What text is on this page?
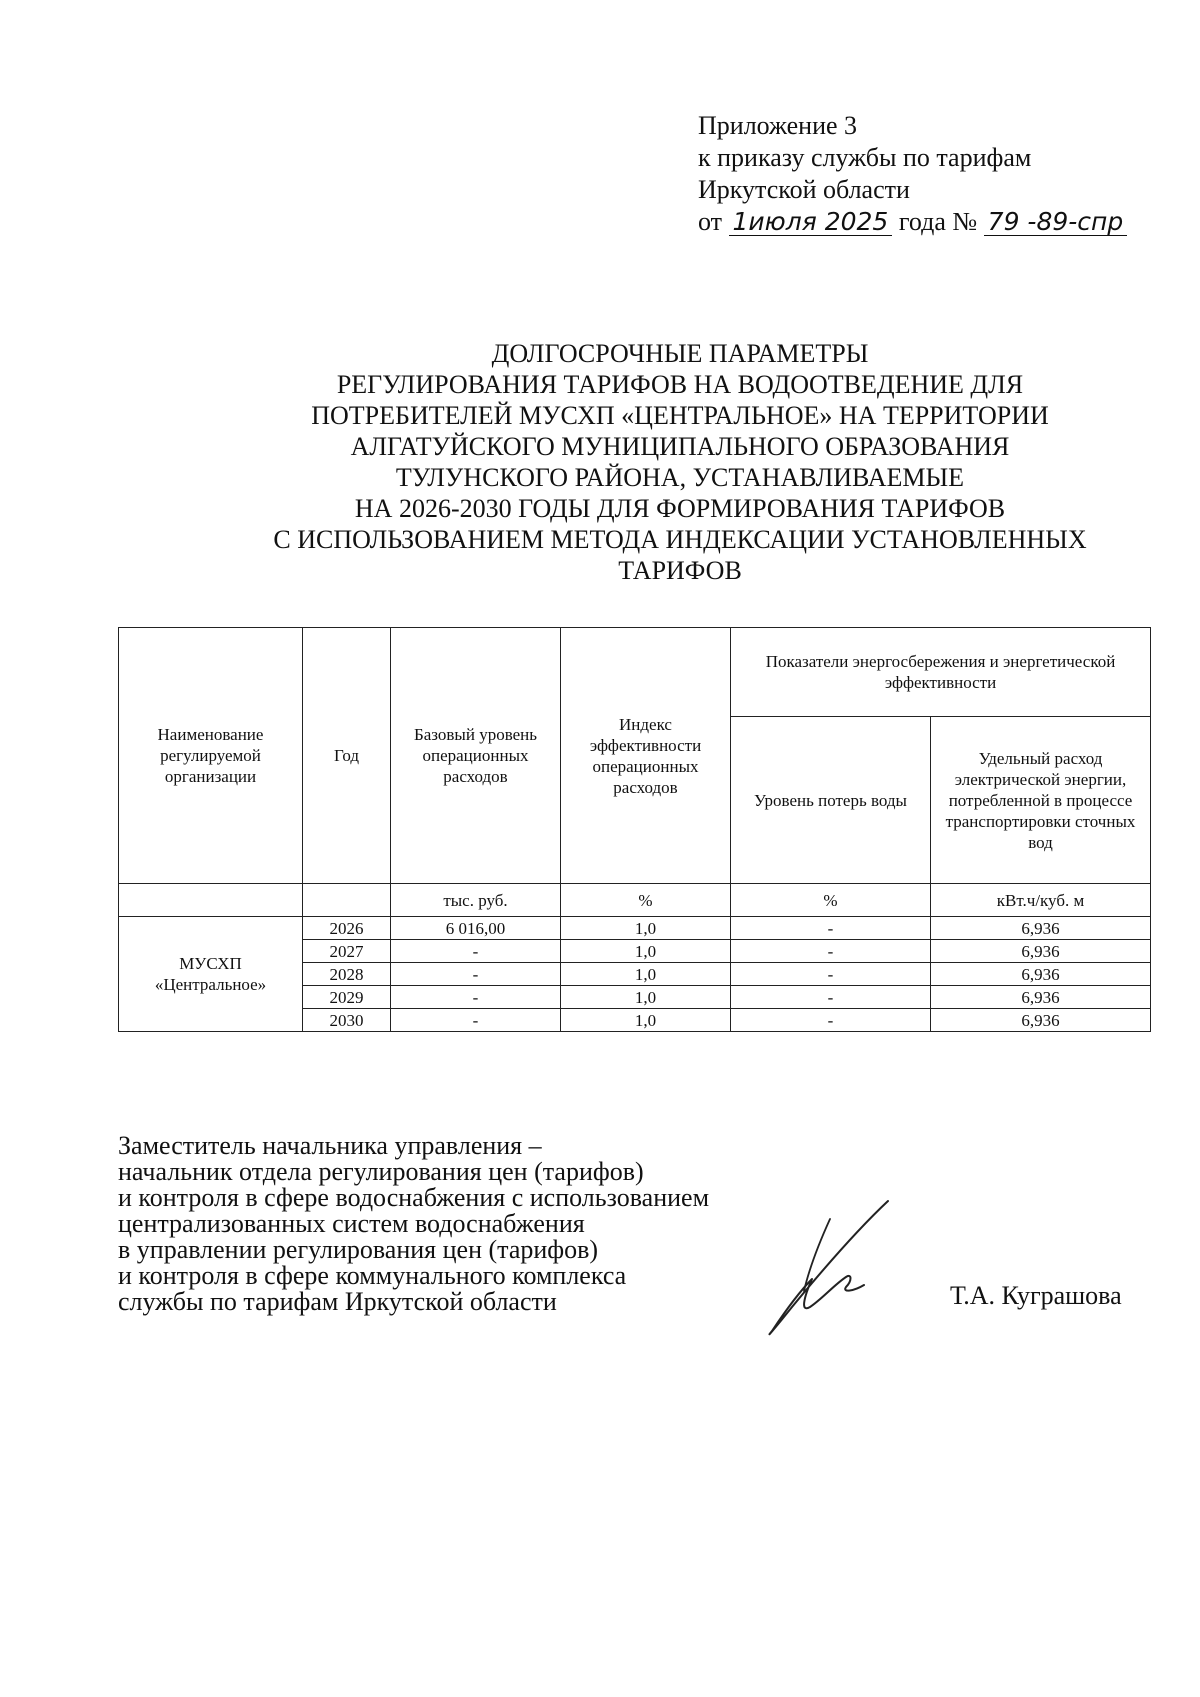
Приложение 3
к приказу службы по тарифам
Иркутской области
от 1июля 2025 года № 79 -89-спр
ДОЛГОСРОЧНЫЕ ПАРАМЕТРЫ
РЕГУЛИРОВАНИЯ ТАРИФОВ НА ВОДООТВЕДЕНИЕ ДЛЯ
ПОТРЕБИТЕЛЕЙ МУСХП «ЦЕНТРАЛЬНОЕ» НА ТЕРРИТОРИИ
АЛГАТУЙСКОГО МУНИЦИПАЛЬНОГО ОБРАЗОВАНИЯ
ТУЛУНСКОГО РАЙОНА, УСТАНАВЛИВАЕМЫЕ
НА 2026-2030 ГОДЫ ДЛЯ ФОРМИРОВАНИЯ ТАРИФОВ
С ИСПОЛЬЗОВАНИЕМ МЕТОДА ИНДЕКСАЦИИ УСТАНОВЛЕННЫХ
ТАРИФОВ
Наименование регулируемой организации	Год	Базовый уровень операционных расходов	Индекс эффективности операционных расходов	Показатели энергосбережения и энергетической эффективности	
				Уровень потерь воды	Удельный расход электрической энергии, потребленной в процессе транспортировки сточных вод
		тыс. руб.	%	%	кВт.ч/куб. м
МУСХП
«Центральное»	2026	6 016,00	1,0	-	6,936
	2027	-	1,0	-	6,936
	2028	-	1,0	-	6,936
	2029	-	1,0	-	6,936
	2030	-	1,0	-	6,936
Заместитель начальника управления –
начальник отдела регулирования цен (тарифов)
и контроля в сфере водоснабжения с использованием
централизованных систем водоснабжения
в управлении регулирования цен (тарифов)
и контроля в сфере коммунального комплекса
службы по тарифам Иркутской области	Т.А. Куграшова
